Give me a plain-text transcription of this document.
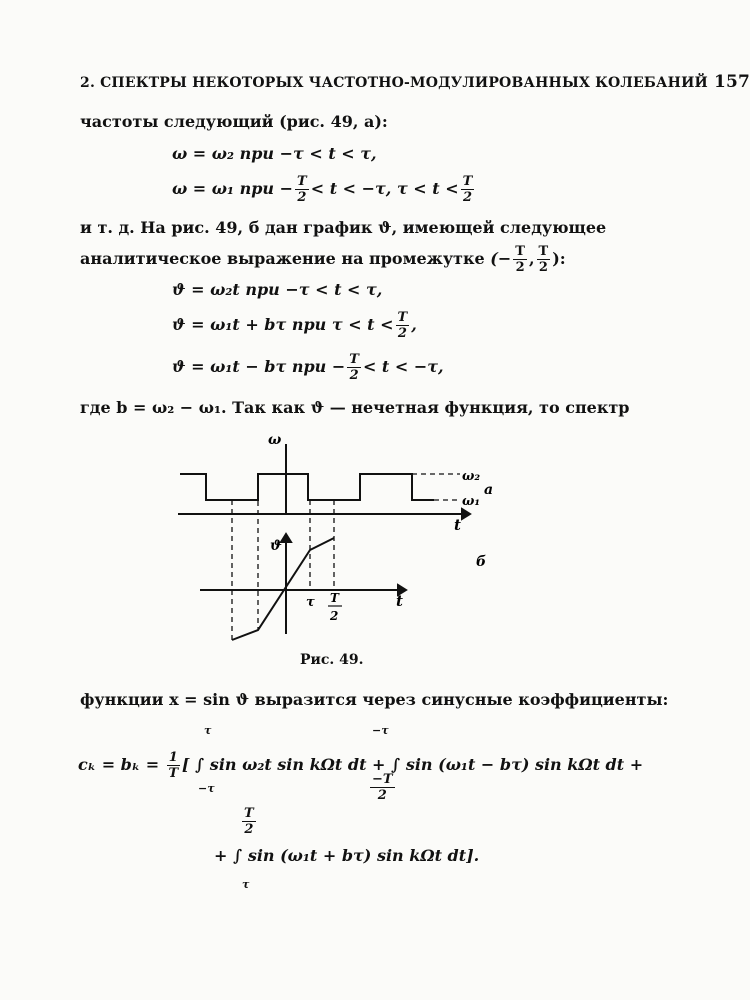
2. СПЕКТРЫ НЕКОТОРЫХ ЧАСТОТНО-МОДУЛИРОВАННЫХ КОЛЕБАНИЙ 157
частоты следующий (рис. 49, a):
ω = ω₂ при −τ < t < τ,
ω = ω₁ при − $\frac{T}{2} < t < -\tau$, $\tau < t < \frac{T}{2}$
и т. д. На рис. 49, б дан график ϑ, имеющей следующее
аналитическое выражение на промежутке (− $\frac{T}{2}$ , $\frac{T}{2}$ ):
ϑ = ω₂t при −τ < t < τ,
ϑ = ω₁t + bτ при $\tau < t < \frac{T}{2}$ ,
ϑ = ω₁t − bτ при − $\frac{T}{2} < t < -\tau$,
где b = ω₂ − ω₁. Так как ϑ — нечетная функция, то спектр
ω
ω₂
ω₁
a
t
ϑ
б
τ T
2
t
Рис. 49.
функции x = sin ϑ выразится через синусные коэффициенты:
$c_k = b_k = \frac{1}{T}$ [ ∫ sin ω₂t sin kΩt dt + ∫ sin (ω₁t − bτ) sin kΩt dt +
τ
−τ
−τ
$\frac{-T}{2}$
$\frac{T}{2}$
+ ∫ sin (ω₁t + bτ) sin kΩt dt].
τ
